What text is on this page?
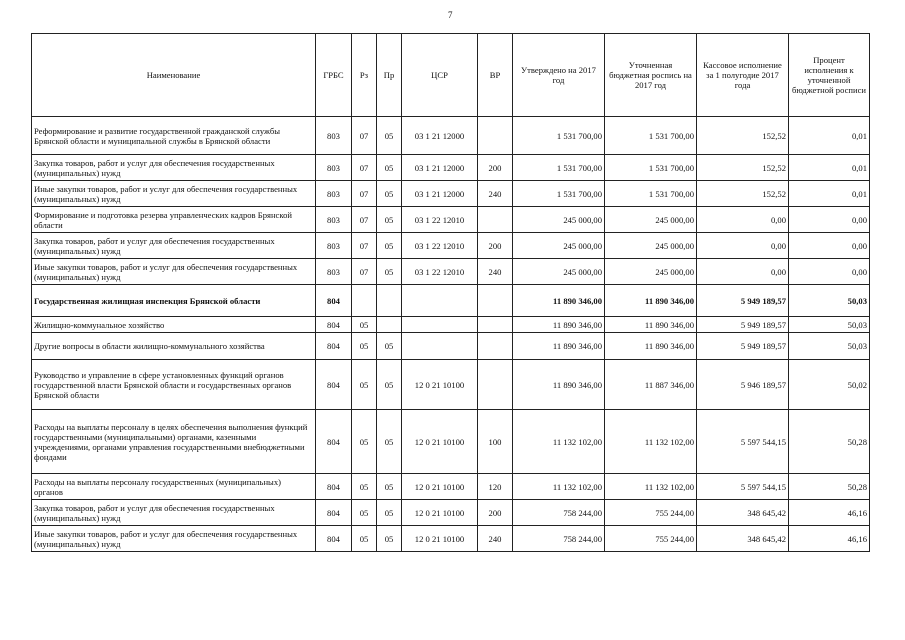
7
Наименование	ГРБС	Рз	Пр	ЦСР	ВР	Утверждено на 2017 год	Уточненная бюджетная роспись на 2017 год	Кассовое исполнение за 1 полугодие 2017 года	Процент исполнения к уточненной бюджетной росписи
Реформирование и развитие государственной гражданской службы Брянской области и муниципальной службы в Брянской области	803	07	05	03 1 21 12000		1 531 700,00	1 531 700,00	152,52	0,01
Закупка товаров, работ и услуг для обеспечения государственных (муниципальных) нужд	803	07	05	03 1 21 12000	200	1 531 700,00	1 531 700,00	152,52	0,01
Иные закупки товаров, работ и услуг для обеспечения государственных (муниципальных) нужд	803	07	05	03 1 21 12000	240	1 531 700,00	1 531 700,00	152,52	0,01
Формирование и подготовка резерва управленческих кадров Брянской области	803	07	05	03 1 22 12010		245 000,00	245 000,00	0,00	0,00
Закупка товаров, работ и услуг для обеспечения государственных (муниципальных) нужд	803	07	05	03 1 22 12010	200	245 000,00	245 000,00	0,00	0,00
Иные закупки товаров, работ и услуг для обеспечения государственных (муниципальных) нужд	803	07	05	03 1 22 12010	240	245 000,00	245 000,00	0,00	0,00
Государственная жилищная инспекция Брянской области	804					11 890 346,00	11 890 346,00	5 949 189,57	50,03
Жилищно-коммунальное хозяйство	804	05				11 890 346,00	11 890 346,00	5 949 189,57	50,03
Другие вопросы в области жилищно-коммунального хозяйства	804	05	05			11 890 346,00	11 890 346,00	5 949 189,57	50,03
Руководство и управление в сфере установленных функций органов государственной власти Брянской области и государственных органов Брянской области	804	05	05	12 0 21 10100		11 890 346,00	11 887 346,00	5 946 189,57	50,02
Расходы на выплаты персоналу в целях обеспечения выполнения функций государственными (муниципальными) органами, казенными учреждениями, органами управления государственными внебюджетными фондами	804	05	05	12 0 21 10100	100	11 132 102,00	11 132 102,00	5 597 544,15	50,28
Расходы на выплаты персоналу государственных (муниципальных) органов	804	05	05	12 0 21 10100	120	11 132 102,00	11 132 102,00	5 597 544,15	50,28
Закупка товаров, работ и услуг для обеспечения государственных (муниципальных) нужд	804	05	05	12 0 21 10100	200	758 244,00	755 244,00	348 645,42	46,16
Иные закупки товаров, работ и услуг для обеспечения государственных (муниципальных) нужд	804	05	05	12 0 21 10100	240	758 244,00	755 244,00	348 645,42	46,16
